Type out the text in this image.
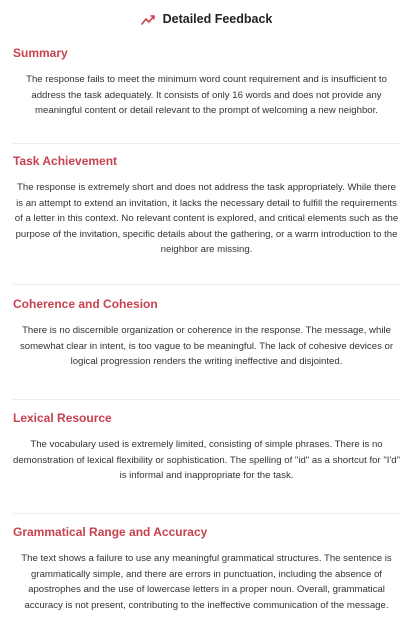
Detailed Feedback
Summary

The response fails to meet the minimum word count requirement and is insufficient to address the task adequately. It consists of only 16 words and does not provide any meaningful content or detail relevant to the prompt of welcoming a new neighbor.

Task Achievement

The response is extremely short and does not address the task appropriately. While there is an attempt to extend an invitation, it lacks the necessary detail to fulfill the requirements of a letter in this context. No relevant content is explored, and critical elements such as the purpose of the invitation, specific details about the gathering, or a warm introduction to the neighbor are missing.

Coherence and Cohesion

There is no discernible organization or coherence in the response. The message, while somewhat clear in intent, is too vague to be meaningful. The lack of cohesive devices or logical progression renders the writing ineffective and disjointed.

Lexical Resource

The vocabulary used is extremely limited, consisting of simple phrases. There is no demonstration of lexical flexibility or sophistication. The spelling of "id" as a shortcut for "I'd" is informal and inappropriate for the task.

Grammatical Range and Accuracy

The text shows a failure to use any meaningful grammatical structures. The sentence is grammatically simple, and there are errors in punctuation, including the absence of apostrophes and the use of lowercase letters in a proper noun. Overall, grammatical accuracy is not present, contributing to the ineffective communication of the message.
